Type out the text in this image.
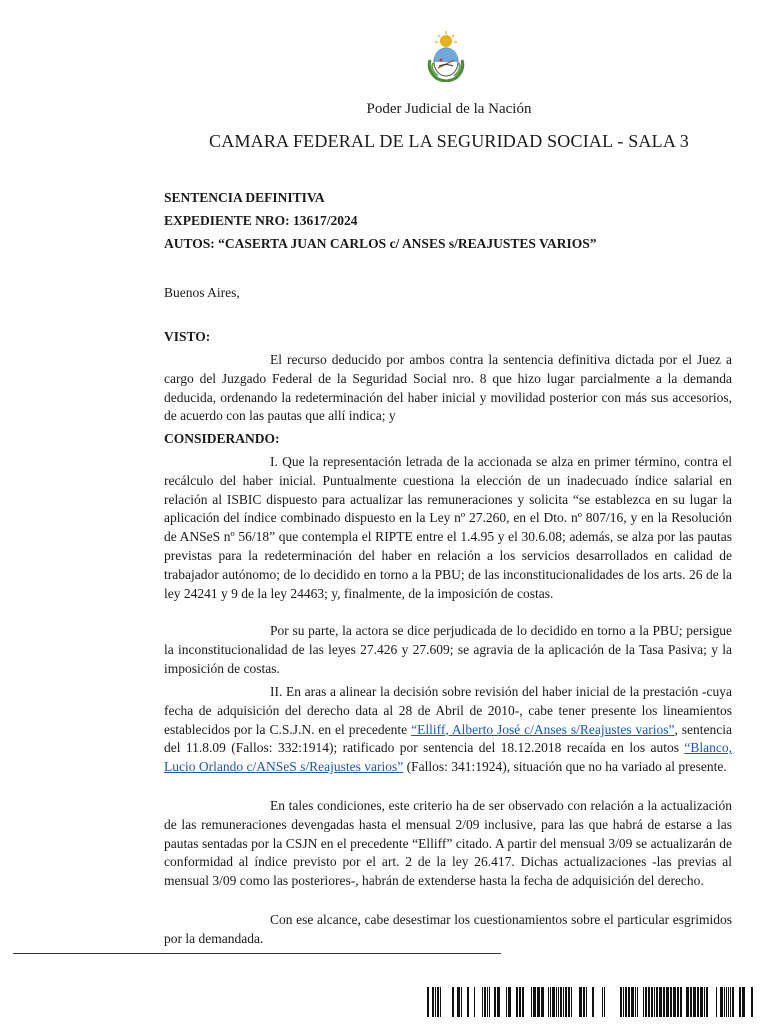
Poder Judicial de la Nación
CAMARA FEDERAL DE LA SEGURIDAD SOCIAL - SALA 3
SENTENCIA DEFINITIVA
EXPEDIENTE NRO: 13617/2024
AUTOS: “CASERTA JUAN CARLOS c/ ANSES s/REAJUSTES VARIOS”
Buenos Aires,
VISTO:

El recurso deducido por ambos contra la sentencia definitiva dictada por el Juez a cargo del Juzgado Federal de la Seguridad Social nro. 8 que hizo lugar parcialmente a la demanda deducida, ordenando la redeterminación del haber inicial y movilidad posterior con más sus accesorios, de acuerdo con las pautas que allí indica; y

CONSIDERANDO:

I. Que la representación letrada de la accionada se alza en primer término, contra el recálculo del haber inicial. Puntualmente cuestiona la elección de un inadecuado índice salarial en relación al ISBIC dispuesto para actualizar las remuneraciones y solicita “se establezca en su lugar la aplicación del índice combinado dispuesto en la Ley nº 27.260, en el Dto. nº 807/16, y en la Resolución de ANSeS nº 56/18” que contempla el RIPTE entre el 1.4.95 y el 30.6.08; además, se alza por las pautas previstas para la redeterminación del haber en relación a los servicios desarrollados en calidad de trabajador autónomo; de lo decidido en torno a la PBU; de las inconstitucionalidades de los arts. 26 de la ley 24241 y 9 de la ley 24463; y, finalmente, de la imposición de costas.

Por su parte, la actora se dice perjudicada de lo decidido en torno a la PBU; persigue la inconstitucionalidad de las leyes 27.426 y 27.609; se agravia de la aplicación de la Tasa Pasiva; y la imposición de costas.

II. En aras a alinear la decisión sobre revisión del haber inicial de la prestación -cuya fecha de adquisición del derecho data al 28 de Abril de 2010-, cabe tener presente los lineamientos establecidos por la C.S.J.N. en el precedente “Elliff, Alberto José c/Anses s/Reajustes varios”, sentencia del 11.8.09 (Fallos: 332:1914); ratificado por sentencia del 18.12.2018 recaída en los autos “Blanco, Lucio Orlando c/ANSeS s/Reajustes varios” (Fallos: 341:1924), situación que no ha variado al presente.

En tales condiciones, este criterio ha de ser observado con relación a la actualización de las remuneraciones devengadas hasta el mensual 2/09 inclusive, para las que habrá de estarse a las pautas sentadas por la CSJN en el precedente “Elliff” citado. A partir del mensual 3/09 se actualizarán de conformidad al índice previsto por el art. 2 de la ley 26.417. Dichas actualizaciones -las previas al mensual 3/09 como las posteriores-, habrán de extenderse hasta la fecha de adquisición del derecho.

Con ese alcance, cabe desestimar los cuestionamientos sobre el particular esgrimidos por la demandada.
